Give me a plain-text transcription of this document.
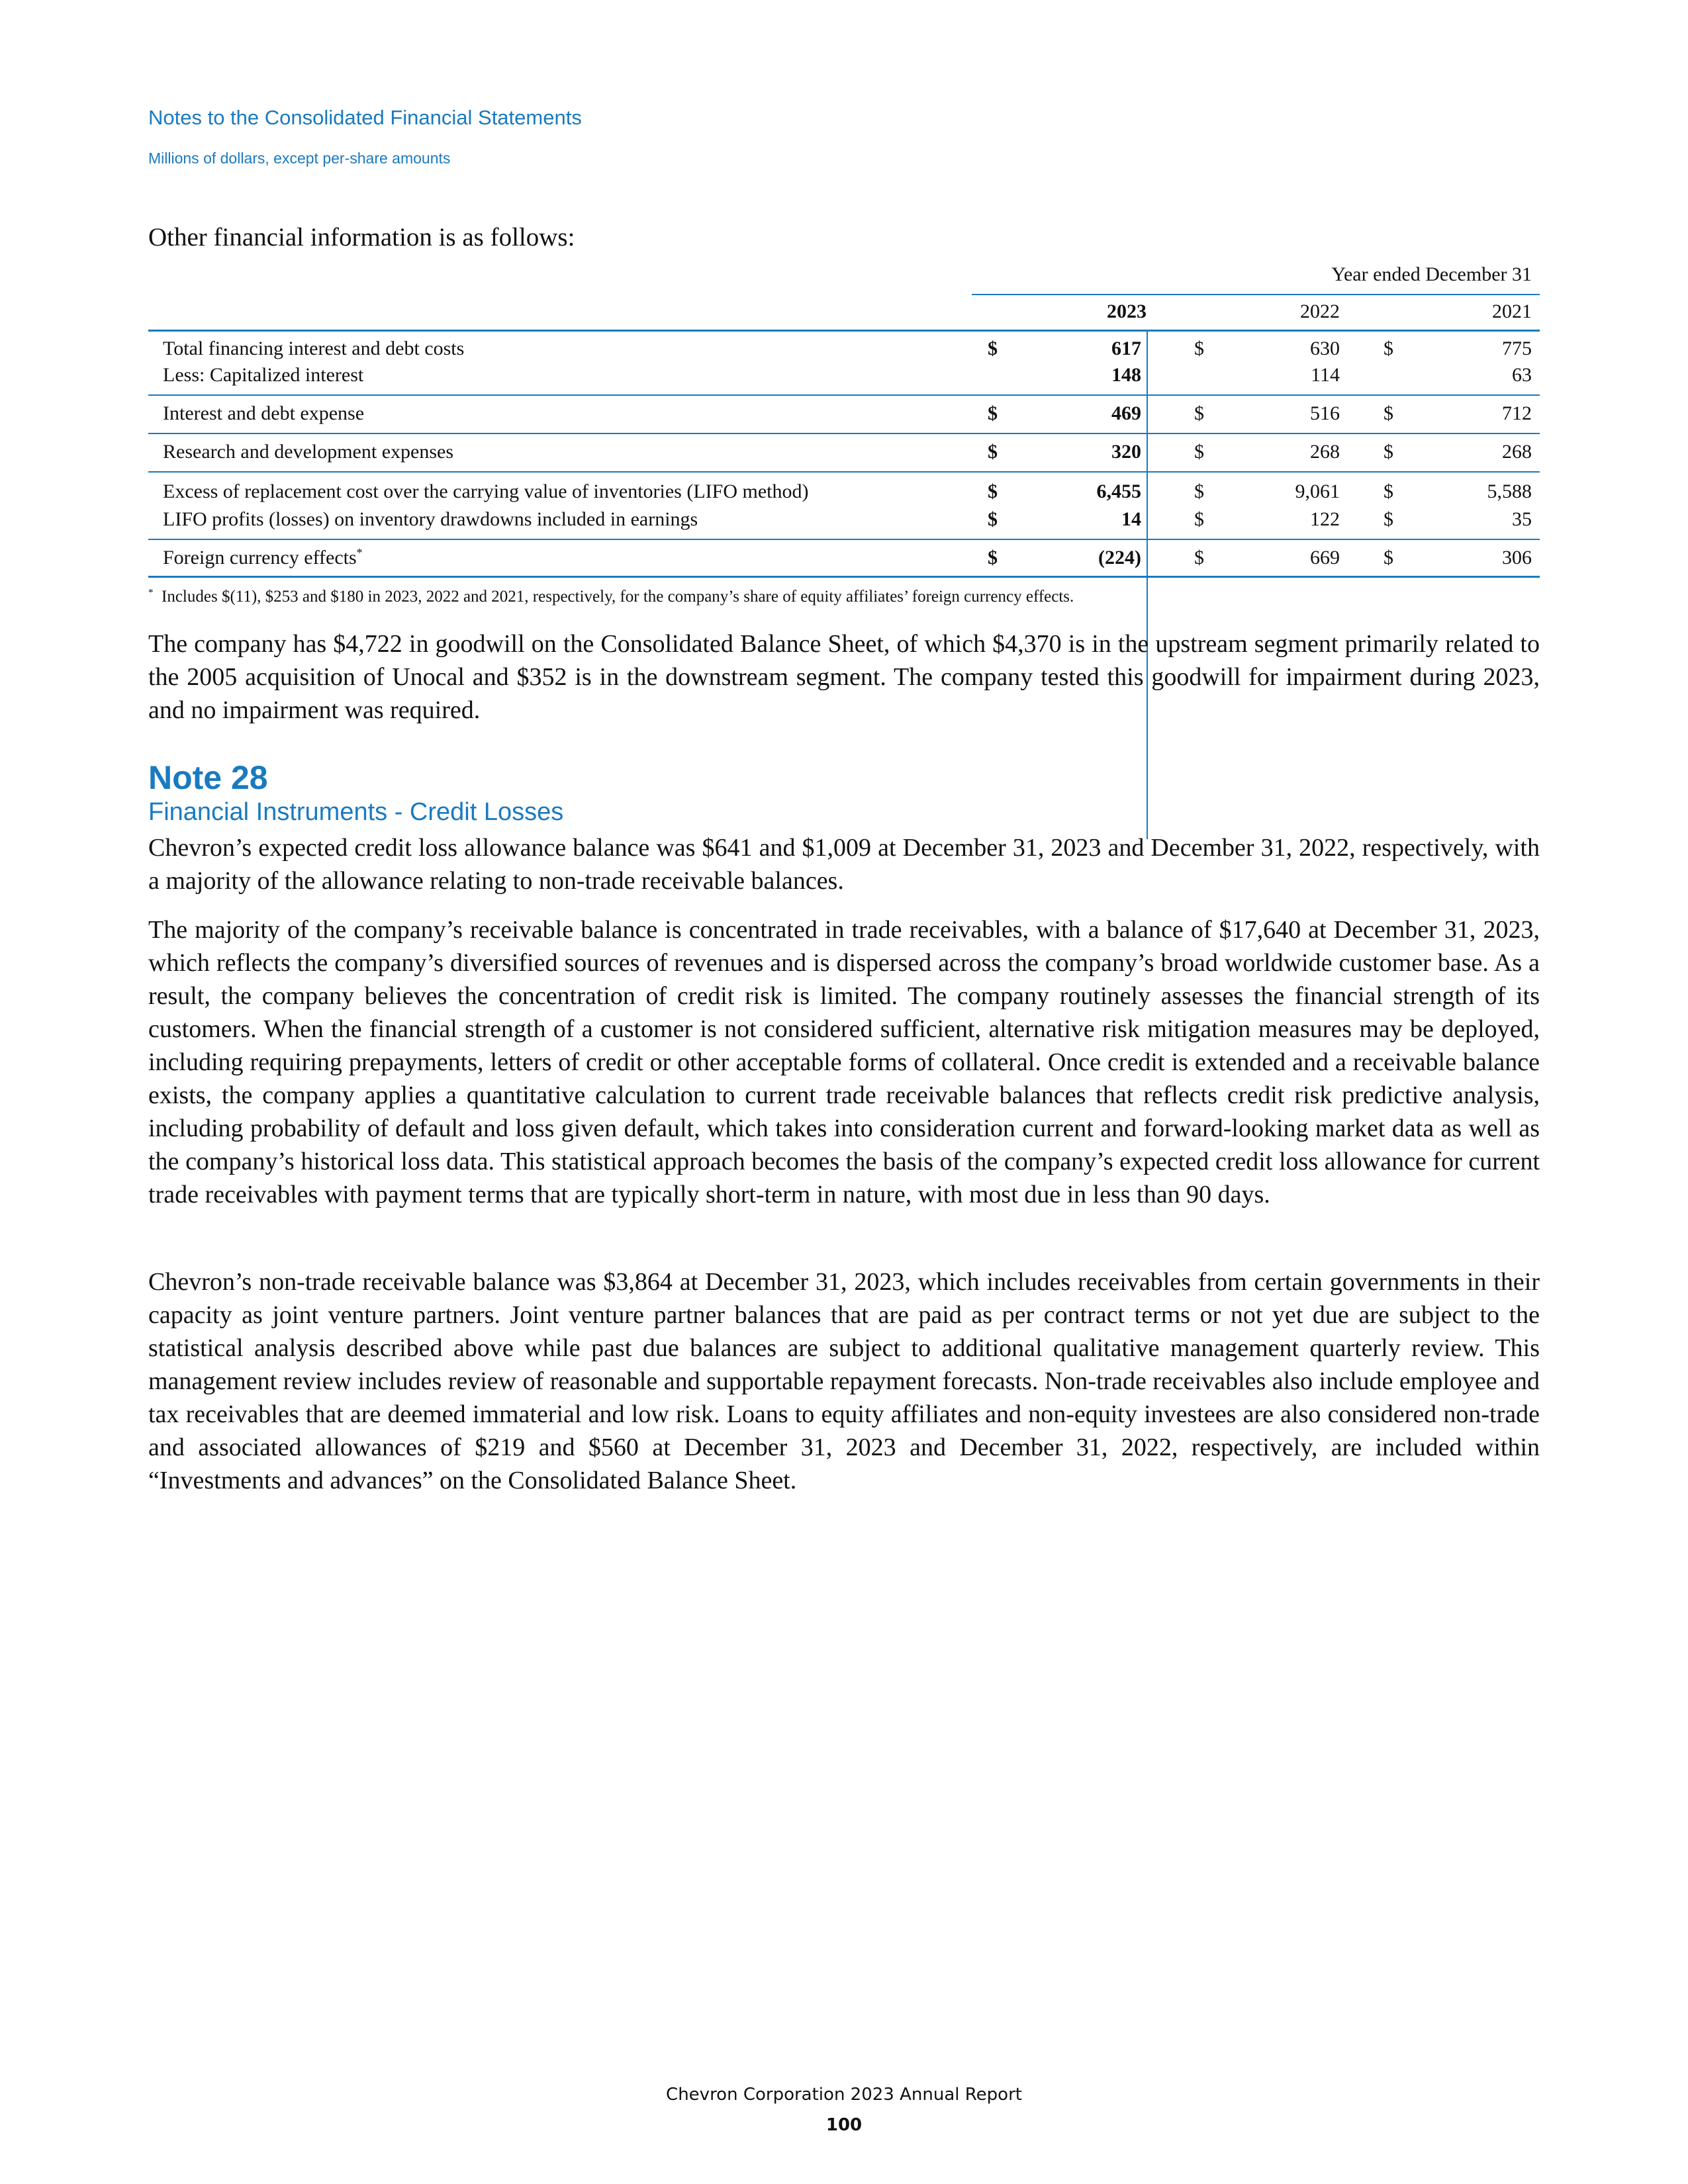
Notes to the Consolidated Financial Statements
Millions of dollars, except per-share amounts
Other financial information is as follows:
Year ended December 31
2023	2022	2021
Total financing interest and debt costs	$	617	$	630 $	775
Less: Capitalized interest	148	114	63
Interest and debt expense	$	469	$	516 $	712
Research and development expenses	$	320	$	268 $	268
Excess of replacement cost over the carrying value of inventories (LIFO method)	$	6,455	$	9,061 $	5,588
LIFO profits (losses) on inventory drawdowns included in earnings	$	14	$	122 $	35
Foreign currency effects*	$	(224)	$	669 $	306
* Includes $(11), $253 and $180 in 2023, 2022 and 2021, respectively, for the company’s share of equity affiliates’ foreign currency effects.

The company has $4,722 in goodwill on the Consolidated Balance Sheet, of which $4,370 is in the upstream segment primarily related to the 2005 acquisition of Unocal and $352 is in the downstream segment. The company tested this goodwill for impairment during 2023, and no impairment was required.

Note 28
Financial Instruments - Credit Losses

Chevron’s expected credit loss allowance balance was $641 and $1,009 at December 31, 2023 and December 31, 2022, respectively, with a majority of the allowance relating to non-trade receivable balances.

The majority of the company’s receivable balance is concentrated in trade receivables, with a balance of $17,640 at December 31, 2023, which reflects the company’s diversified sources of revenues and is dispersed across the company’s broad worldwide customer base. As a result, the company believes the concentration of credit risk is limited. The company routinely assesses the financial strength of its customers. When the financial strength of a customer is not considered sufficient, alternative risk mitigation measures may be deployed, including requiring prepayments, letters of credit or other acceptable forms of collateral. Once credit is extended and a receivable balance exists, the company applies a quantitative calculation to current trade receivable balances that reflects credit risk predictive analysis, including probability of default and loss given default, which takes into consideration current and forward-looking market data as well as the company’s historical loss data. This statistical approach becomes the basis of the company’s expected credit loss allowance for current trade receivables with payment terms that are typically short-term in nature, with most due in less than 90 days.

Chevron’s non-trade receivable balance was $3,864 at December 31, 2023, which includes receivables from certain governments in their capacity as joint venture partners. Joint venture partner balances that are paid as per contract terms or not yet due are subject to the statistical analysis described above while past due balances are subject to additional qualitative management quarterly review. This management review includes review of reasonable and supportable repayment forecasts. Non-trade receivables also include employee and tax receivables that are deemed immaterial and low risk. Loans to equity affiliates and non-equity investees are also considered non-trade and associated allowances of $219 and $560 at December 31, 2023 and December 31, 2022, respectively, are included within “Investments and advances” on the Consolidated Balance Sheet.

Chevron Corporation 2023 Annual Report
100
